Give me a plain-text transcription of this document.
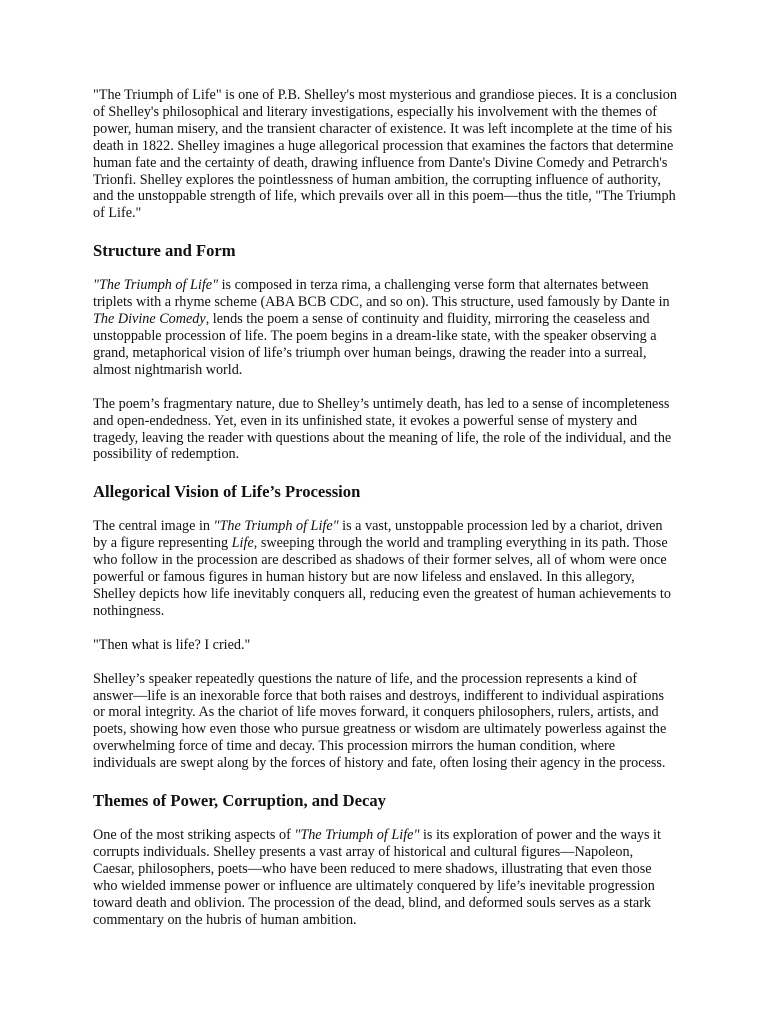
"The Triumph of Life" is one of P.B. Shelley's most mysterious and grandiose pieces. It is a conclusion of Shelley's philosophical and literary investigations, especially his involvement with the themes of power, human misery, and the transient character of existence. It was left incomplete at the time of his death in 1822. Shelley imagines a huge allegorical procession that examines the factors that determine human fate and the certainty of death, drawing influence from Dante's Divine Comedy and Petrarch's Trionfi. Shelley explores the pointlessness of human ambition, the corrupting influence of authority, and the unstoppable strength of life, which prevails over all in this poem—thus the title, "The Triumph of Life."

Structure and Form

"The Triumph of Life" is composed in terza rima, a challenging verse form that alternates between triplets with a rhyme scheme (ABA BCB CDC, and so on). This structure, used famously by Dante in The Divine Comedy, lends the poem a sense of continuity and fluidity, mirroring the ceaseless and unstoppable procession of life. The poem begins in a dream-like state, with the speaker observing a grand, metaphorical vision of life’s triumph over human beings, drawing the reader into a surreal, almost nightmarish world.

The poem’s fragmentary nature, due to Shelley’s untimely death, has led to a sense of incompleteness and open-endedness. Yet, even in its unfinished state, it evokes a powerful sense of mystery and tragedy, leaving the reader with questions about the meaning of life, the role of the individual, and the possibility of redemption.

Allegorical Vision of Life’s Procession

The central image in "The Triumph of Life" is a vast, unstoppable procession led by a chariot, driven by a figure representing Life, sweeping through the world and trampling everything in its path. Those who follow in the procession are described as shadows of their former selves, all of whom were once powerful or famous figures in human history but are now lifeless and enslaved. In this allegory, Shelley depicts how life inevitably conquers all, reducing even the greatest of human achievements to nothingness.

"Then what is life? I cried."

Shelley’s speaker repeatedly questions the nature of life, and the procession represents a kind of answer—life is an inexorable force that both raises and destroys, indifferent to individual aspirations or moral integrity. As the chariot of life moves forward, it conquers philosophers, rulers, artists, and poets, showing how even those who pursue greatness or wisdom are ultimately powerless against the overwhelming force of time and decay. This procession mirrors the human condition, where individuals are swept along by the forces of history and fate, often losing their agency in the process.

Themes of Power, Corruption, and Decay

One of the most striking aspects of "The Triumph of Life" is its exploration of power and the ways it corrupts individuals. Shelley presents a vast array of historical and cultural figures—Napoleon, Caesar, philosophers, poets—who have been reduced to mere shadows, illustrating that even those who wielded immense power or influence are ultimately conquered by life’s inevitable progression toward death and oblivion. The procession of the dead, blind, and deformed souls serves as a stark commentary on the hubris of human ambition.
